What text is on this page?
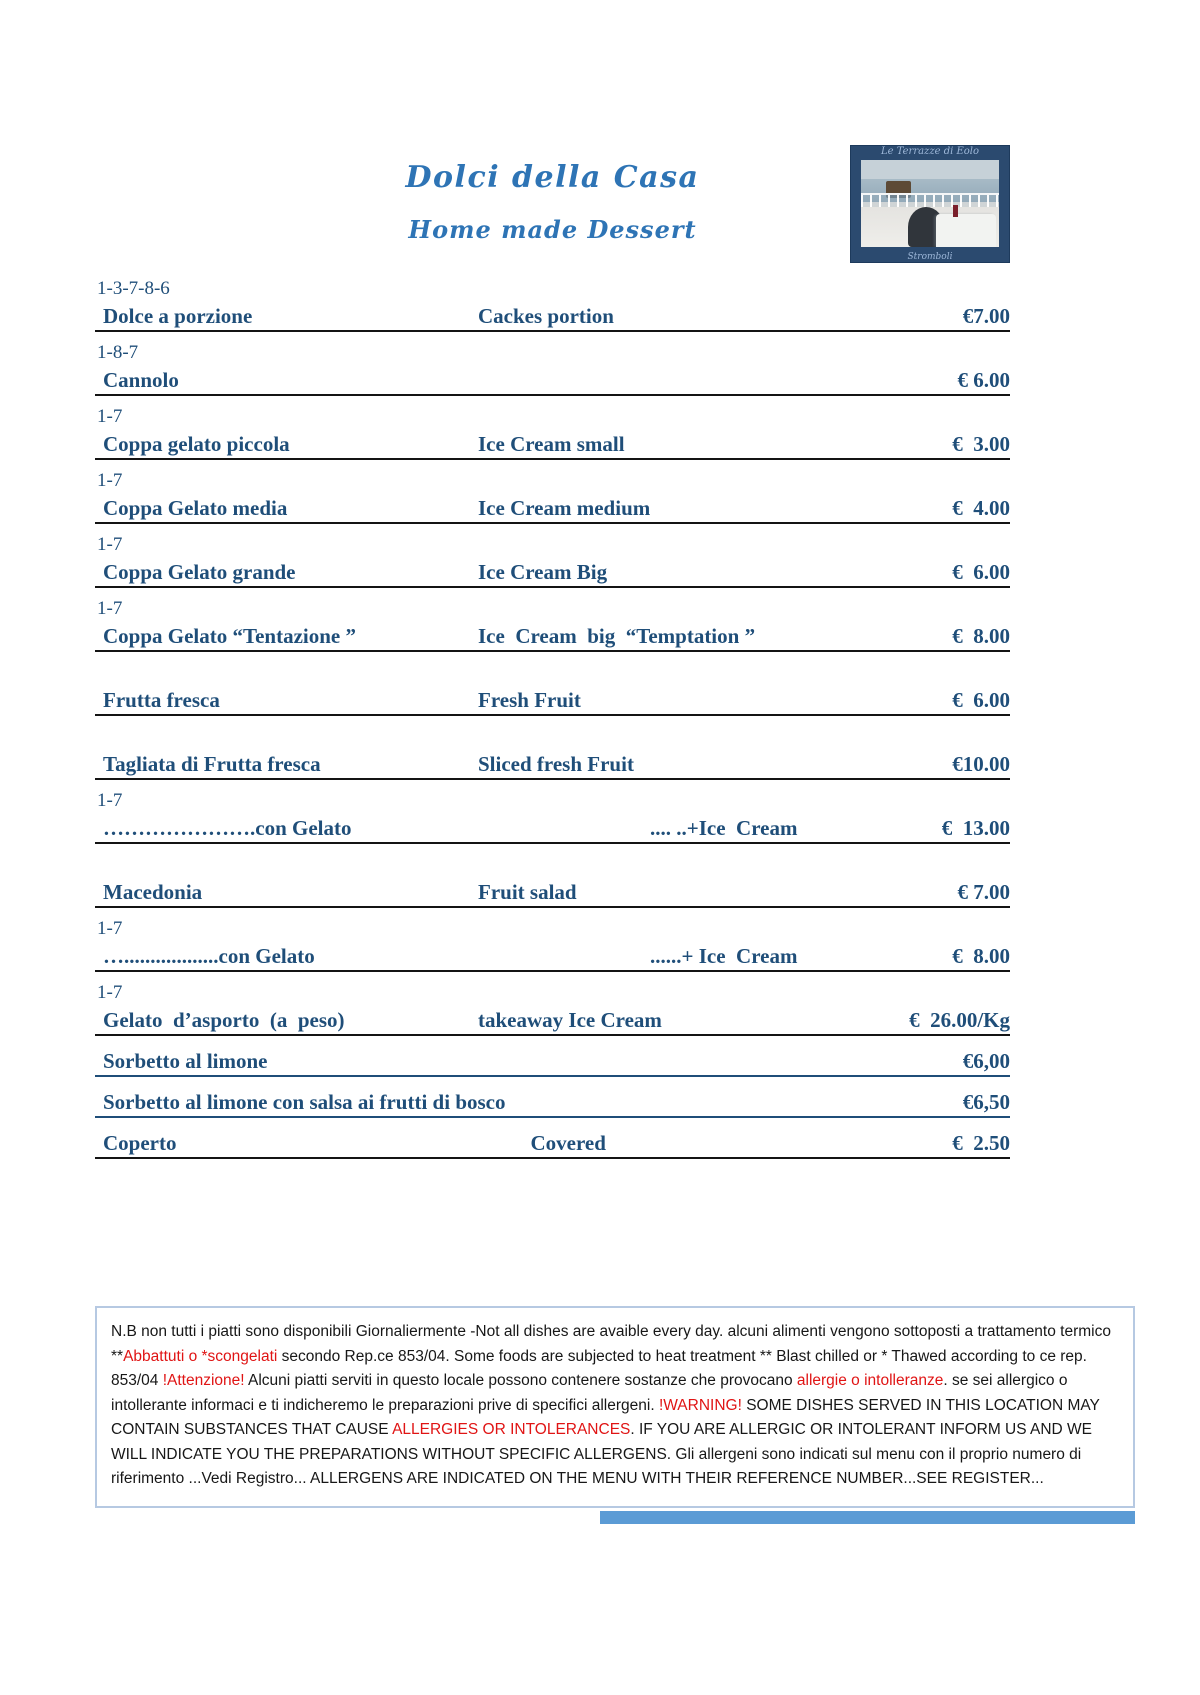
Dolci della Casa
Home made Dessert
Le Terrazze di Eolo
Stromboli
1-3-7-8-6
Dolce a porzione	Cackes portion	€7.00
1-8-7
Cannolo	€ 6.00
1-7
Coppa gelato piccola	Ice Cream small	€  3.00
1-7
Coppa Gelato media	Ice Cream medium	€  4.00
1-7
Coppa Gelato grande	Ice Cream Big	€  6.00
1-7
Coppa Gelato “Tentazione ”	Ice  Cream  big  “Temptation ”	€  8.00
Frutta fresca	Fresh Fruit	€  6.00
Tagliata di Frutta fresca	Sliced fresh Fruit	€10.00
1-7
………………….con Gelato	.... ..+Ice  Cream	€  13.00
Macedonia	Fruit salad	€ 7.00
1-7
…..................con Gelato	......+ Ice  Cream	€  8.00
1-7
Gelato  d’asporto  (a  peso)	takeaway Ice Cream	€  26.00/Kg
Sorbetto al limone	€6,00
Sorbetto al limone con salsa ai frutti di bosco	€6,50
Coperto	Covered	€  2.50
N.B non tutti i piatti sono disponibili Giornaliermente -Not all dishes are avaible every day. alcuni alimenti vengono sottoposti a trattamento termico **Abbattuti o *scongelati secondo Rep.ce 853/04. Some foods are subjected to heat treatment ** Blast chilled or * Thawed according to ce rep. 853/04 !Attenzione! Alcuni piatti serviti in questo locale possono contenere sostanze che provocano allergie o intolleranze. se sei allergico o intollerante informaci e ti indicheremo le preparazioni prive di specifici allergeni. !WARNING! SOME DISHES SERVED IN THIS LOCATION MAY CONTAIN SUBSTANCES THAT CAUSE ALLERGIES OR INTOLERANCES. IF YOU ARE ALLERGIC OR INTOLERANT INFORM US AND WE WILL INDICATE YOU THE PREPARATIONS WITHOUT SPECIFIC ALLERGENS. Gli allergeni sono indicati sul menu con il proprio numero di riferimento ...Vedi Registro... ALLERGENS ARE INDICATED ON THE MENU WITH THEIR REFERENCE NUMBER...SEE REGISTER...
